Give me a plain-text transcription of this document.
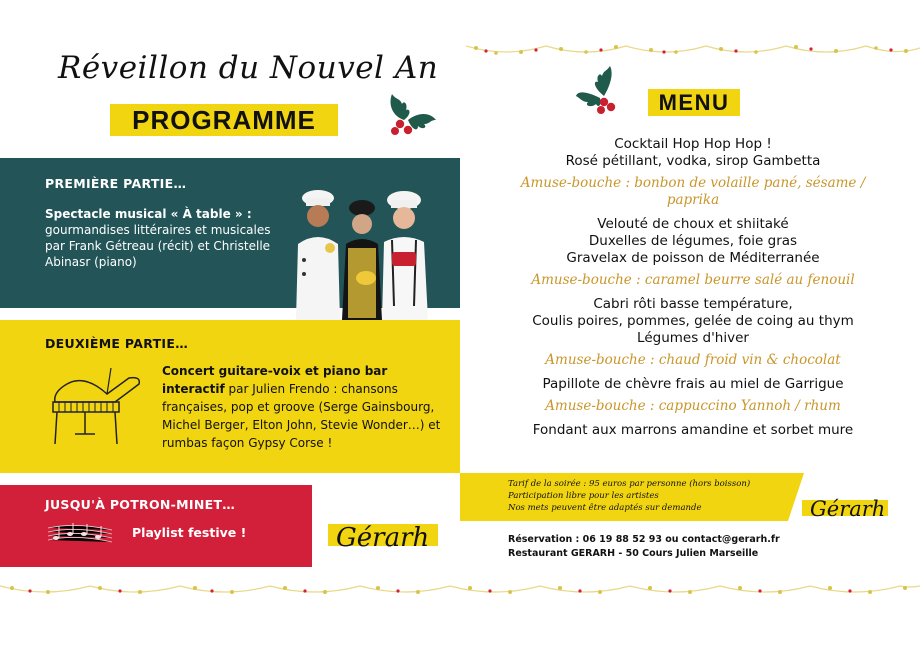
Réveillon du Nouvel An
PROGRAMME
PREMIÈRE PARTIE…
Spectacle musical « À table » : gourmandises littéraires et musicales par Frank Gétreau (récit) et Christelle Abinasr (piano)
DEUXIÈME PARTIE…
Concert guitare-voix et piano bar interactif par Julien Frendo : chansons françaises, pop et groove (Serge Gainsbourg, Michel Berger, Elton John, Stevie Wonder…) et rumbas façon Gypsy Corse !
JUSQU'À POTRON-MINET…
Playlist festive !	Gérarh
MENU
Cocktail Hop Hop Hop !
Rosé pétillant, vodka, sirop Gambetta
Amuse-bouche : bonbon de volaille pané, sésame /
paprika
Velouté de choux et shiitaké
Duxelles de légumes, foie gras
Gravelax de poisson de Méditerranée
Amuse-bouche : caramel beurre salé au fenouil
Cabri rôti basse température,
Coulis poires, pommes, gelée de coing au thym
Légumes d'hiver
Amuse-bouche : chaud froid vin & chocolat
Papillote de chèvre frais au miel de Garrigue
Amuse-bouche : cappuccino Yannoh / rhum
Fondant aux marrons amandine et sorbet mure
Tarif de la soirée : 95 euros par personne (hors boisson)
Participation libre pour les artistes
Nos mets peuvent être adaptés sur demande
Réservation : 06 19 88 52 93 ou contact@gerarh.fr
Restaurant GERARH - 50 Cours Julien Marseille
Gérarh
